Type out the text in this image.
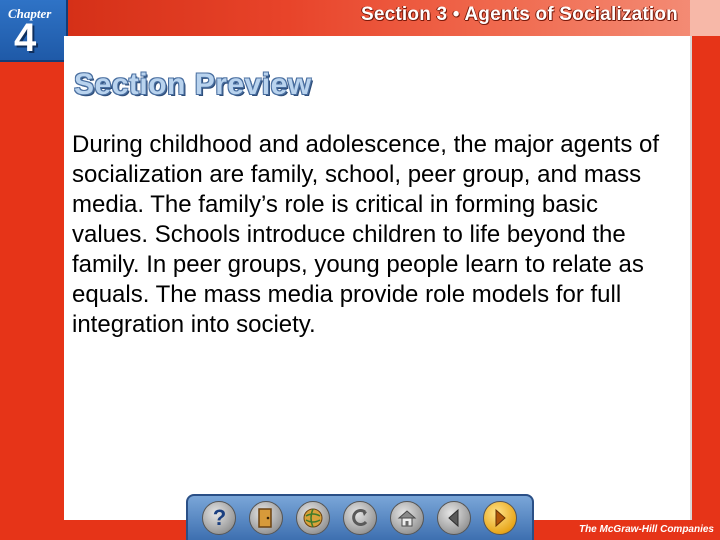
Section 3 • Agents of Socialization
Chapter
4
Section Preview

During childhood and adolescence, the major agents of socialization are family, school, peer group, and mass media. The family’s role is critical in forming basic values. Schools introduce children to life beyond the family. In peer groups, young people learn to relate as equals. The mass media provide role models for full integration into society.

?	The McGraw-Hill Companies
